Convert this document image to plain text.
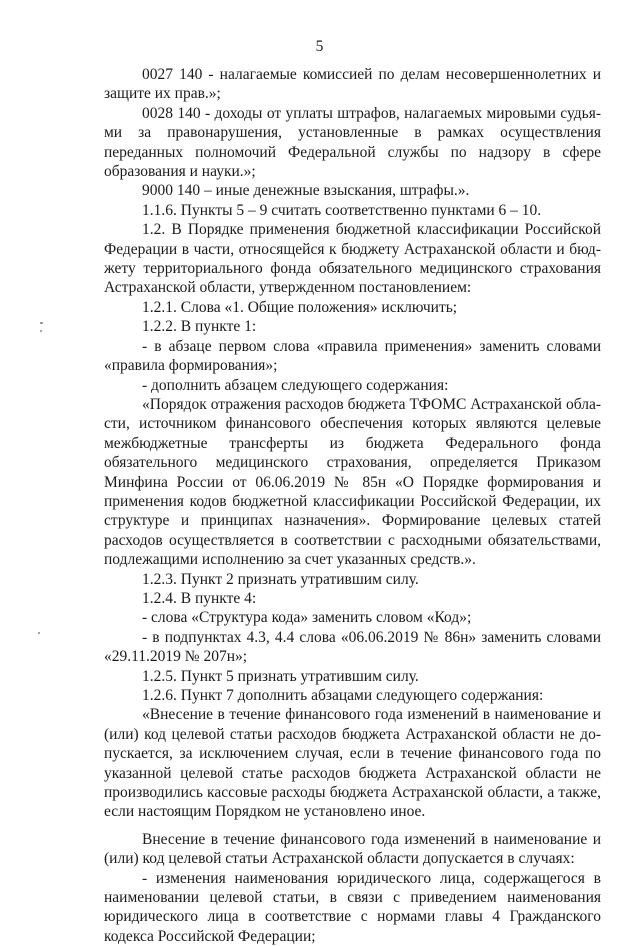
5

0027 140 - налагаемые комиссией по делам несовершеннолетних и защите их прав.»;

0028 140 - доходы от уплаты штрафов, налагаемых мировыми судьями за правонарушения, установленные в рамках осуществления переданных полномочий Федеральной службы по надзору в сфере образования и науки.»;

9000 140 – иные денежные взыскания, штрафы.».

1.1.6. Пункты 5 – 9 считать соответственно пунктами 6 – 10.

1.2. В Порядке применения бюджетной классификации Российской Федерации в части, относящейся к бюджету Астраханской области и бюджету территориального фонда обязательного медицинского страхования Астраханской области, утвержденном постановлением:

1.2.1. Слова «1. Общие положения» исключить;

1.2.2. В пункте 1:

- в абзаце первом слова «правила применения» заменить словами «правила формирования»;

- дополнить абзацем следующего содержания:

«Порядок отражения расходов бюджета ТФОМС Астраханской области, источником финансового обеспечения которых являются целевые межбюджетные трансферты из бюджета Федерального фонда обязательного медицинского страхования, определяется Приказом Минфина России от 06.06.2019 № 85н «О Порядке формирования и применения кодов бюджетной классификации Российской Федерации, их структуре и принципах назначения». Формирование целевых статей расходов осуществляется в соответствии с расходными обязательствами, подлежащими исполнению за счет указанных средств.».

1.2.3. Пункт 2 признать утратившим силу.

1.2.4. В пункте 4:

- слова «Структура кода» заменить словом «Код»;

- в подпунктах 4.3, 4.4 слова «06.06.2019 № 86н» заменить словами «29.11.2019 № 207н»;

1.2.5. Пункт 5 признать утратившим силу.

1.2.6. Пункт 7 дополнить абзацами следующего содержания:

«Внесение в течение финансового года изменений в наименование и (или) код целевой статьи расходов бюджета Астраханской области не допускается, за исключением случая, если в течение финансового года по указанной целевой статье расходов бюджета Астраханской области не производились кассовые расходы бюджета Астраханской области, а также, если настоящим Порядком не установлено иное.

Внесение в течение финансового года изменений в наименование и (или) код целевой статьи Астраханской области допускается в случаях:

- изменения наименования юридического лица, содержащегося в наименовании целевой статьи, в связи с приведением наименования юридического лица в соответствие с нормами главы 4 Гражданского кодекса Российской Федерации;
